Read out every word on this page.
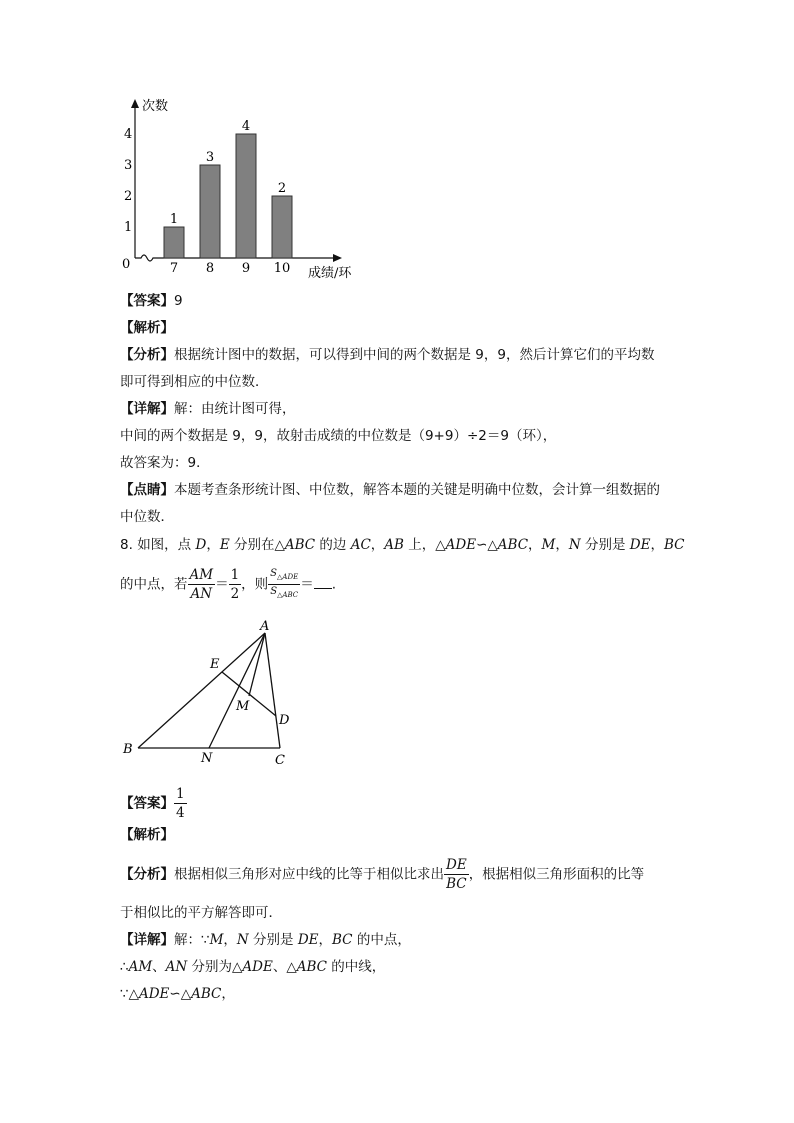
次数
成绩/环
0
1
2
3
4
1
7
3
8
4
9
2
10
【答案】9
【解析】
【分析】根据统计图中的数据，可以得到中间的两个数据是 9，9，然后计算它们的平均数
即可得到相应的中位数．
【详解】解：由统计图可得，
中间的两个数据是 9，9，故射击成绩的中位数是（9+9）÷2＝9（环），
故答案为：9．
【点睛】本题考查条形统计图、中位数，解答本题的关键是明确中位数，会计算一组数据的
中位数．
8. 如图，点 D，E 分别在△ABC 的边 AC，AB 上，△ADE∽△ABC，M，N 分别是 DE，BC
的中点，若 $\frac{AM}{AN} = \frac{1}{2}$ ，则 $\frac{S_{\triangle ADE}}{S_{\triangle ABC}}$ ＝ .
A
E
M
D
B
N	C
【答案】 $\frac{1}{4}$
【解析】
【分析】根据相似三角形对应中线的比等于相似比求出 $\frac{DE}{BC}$ ，根据相似三角形面积的比等
于相似比的平方解答即可．
【详解】解：∵M，N 分别是 DE，BC 的中点，
∴AM、AN 分别为△ADE、△ABC 的中线，
∵△ADE∽△ABC，
